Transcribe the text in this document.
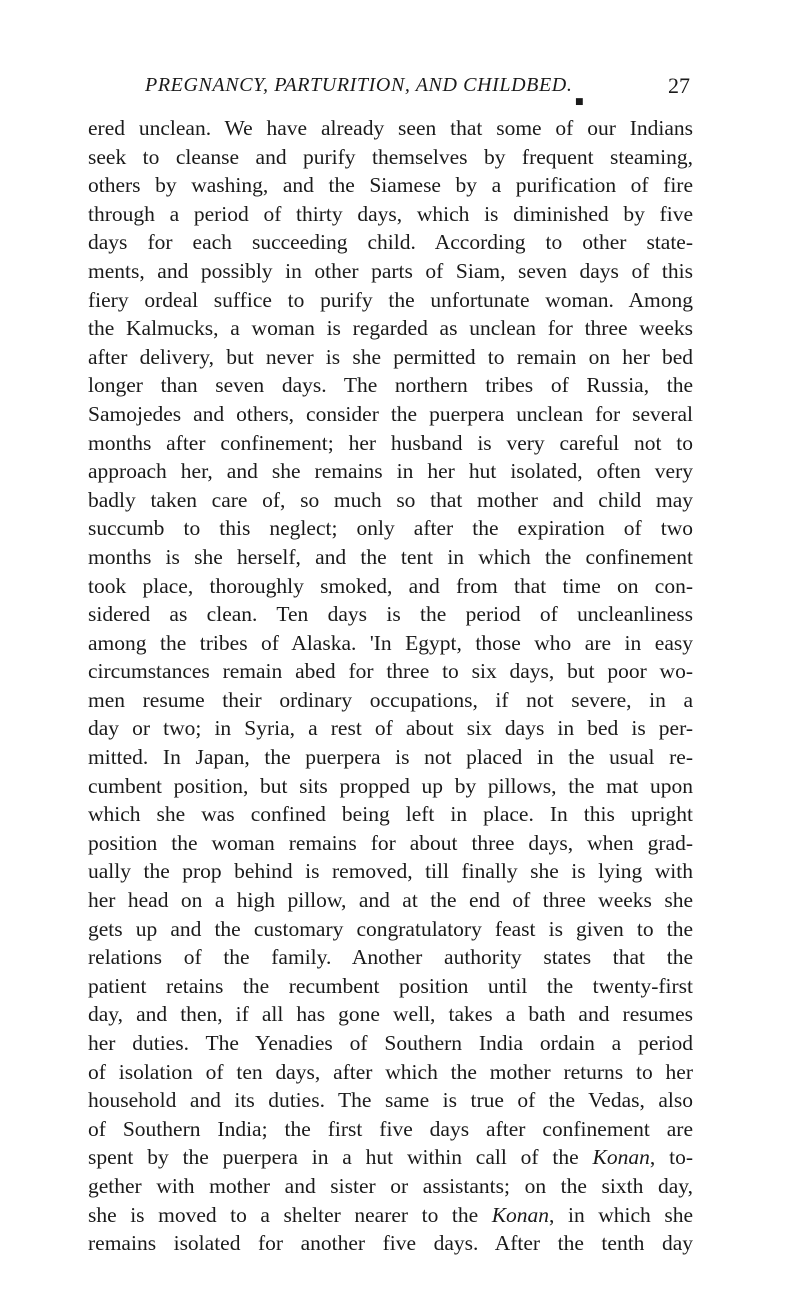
PREGNANCY, PARTURITION, AND CHILDBED.	27
■
ered unclean. We have already seen that some of our Indians
seek to cleanse and purify themselves by frequent steaming,
others by washing, and the Siamese by a purification of fire
through a period of thirty days, which is diminished by five
days for each succeeding child. According to other state-
ments, and possibly in other parts of Siam, seven days of this
fiery ordeal suffice to purify the unfortunate woman. Among
the Kalmucks, a woman is regarded as unclean for three weeks
after delivery, but never is she permitted to remain on her bed
longer than seven days. The northern tribes of Russia, the
Samojedes and others, consider the puerpera unclean for several
months after confinement; her husband is very careful not to
approach her, and she remains in her hut isolated, often very
badly taken care of, so much so that mother and child may
succumb to this neglect; only after the expiration of two
months is she herself, and the tent in which the confinement
took place, thoroughly smoked, and from that time on con-
sidered as clean. Ten days is the period of uncleanliness
among the tribes of Alaska. 'In Egypt, those who are in easy
circumstances remain abed for three to six days, but poor wo-
men resume their ordinary occupations, if not severe, in a
day or two; in Syria, a rest of about six days in bed is per-
mitted. In Japan, the puerpera is not placed in the usual re-
cumbent position, but sits propped up by pillows, the mat upon
which she was confined being left in place. In this upright
position the woman remains for about three days, when grad-
ually the prop behind is removed, till finally she is lying with
her head on a high pillow, and at the end of three weeks she
gets up and the customary congratulatory feast is given to the
relations of the family. Another authority states that the
patient retains the recumbent position until the twenty-first
day, and then, if all has gone well, takes a bath and resumes
her duties. The Yenadies of Southern India ordain a period
of isolation of ten days, after which the mother returns to her
household and its duties. The same is true of the Vedas, also
of Southern India; the first five days after confinement are
spent by the puerpera in a hut within call of the Konan, to-
gether with mother and sister or assistants; on the sixth day,
she is moved to a shelter nearer to the Konan, in which she
remains isolated for another five days. After the tenth day
